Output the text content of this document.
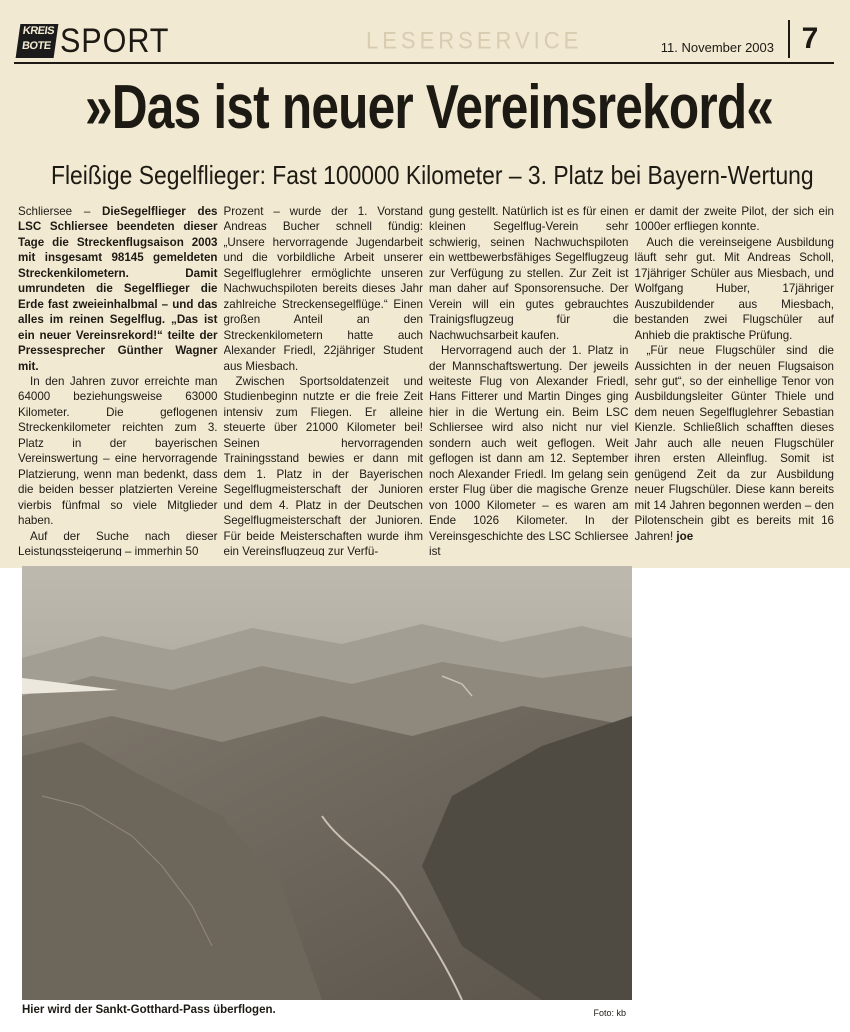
KREIS
BOTE SPORT	LESERSERVICE	11. November 2003 7
»Das ist neuer Vereinsrekord«
Fleißige Segelflieger: Fast 100000 Kilometer – 3. Platz bei Bayern-Wertung

Schliersee – DieSegelflieger des LSC Schliersee beendeten dieser Tage die Streckenflugsaison 2003 mit insgesamt 98145 gemeldeten Streckenkilometern. Damit umrundeten die Segelflieger die Erde fast zweieinhalbmal – und das alles im reinen Segelflug. „Das ist ein neuer Vereinsrekord!“ teilte der Pressesprecher Günther Wagner mit.

In den Jahren zuvor erreichte man 64000 beziehungsweise 63000 Kilometer. Die geflogenen Streckenkilometer reichten zum 3. Platz in der bayerischen Vereinswertung – eine hervorragende Platzierung, wenn man bedenkt, dass die beiden besser platzierten Vereine vierbis fünfmal so viele Mitglieder haben.

Auf der Suche nach dieser Leistungssteigerung – immerhin 50

Prozent – wurde der 1. Vorstand Andreas Bucher schnell fündig: „Unsere hervorragende Jugendarbeit und die vorbildliche Arbeit unserer Segelfluglehrer ermöglichte unseren Nachwuchspiloten bereits dieses Jahr zahlreiche Streckensegelflüge.“ Einen großen Anteil an den Streckenkilometern hatte auch Alexander Friedl, 22jähriger Student aus Miesbach.

Zwischen Sportsoldatenzeit und Studienbeginn nutzte er die freie Zeit intensiv zum Fliegen. Er alleine steuerte über 21000 Kilometer bei! Seinen hervorragenden Trainingsstand bewies er dann mit dem 1. Platz in der Bayerischen Segelflugmeisterschaft der Junioren und dem 4. Platz in der Deutschen Segelflugmeisterschaft der Junioren. Für beide Meisterschaften wurde ihm ein Vereinsflugzeug zur Verfü-

gung gestellt. Natürlich ist es für einen kleinen Segelflug-Verein sehr schwierig, seinen Nachwuchspiloten ein wettbewerbsfähiges Segelflugzeug zur Verfügung zu stellen. Zur Zeit ist man daher auf Sponsorensuche. Der Verein will ein gutes gebrauchtes Trainigsflugzeug für die Nachwuchsarbeit kaufen.

Hervorragend auch der 1. Platz in der Mannschaftswertung. Der jeweils weiteste Flug von Alexander Friedl, Hans Fitterer und Martin Dinges ging hier in die Wertung ein. Beim LSC Schliersee wird also nicht nur viel sondern auch weit geflogen. Weit geflogen ist dann am 12. September noch Alexander Friedl. Im gelang sein erster Flug über die magische Grenze von 1000 Kilometer – es waren am Ende 1026 Kilometer. In der Vereinsgeschichte des LSC Schliersee ist

er damit der zweite Pilot, der sich ein 1000er erfliegen konnte.

Auch die vereinseigene Ausbildung läuft sehr gut. Mit Andreas Scholl, 17jähriger Schüler aus Miesbach, und Wolfgang Huber, 17jähriger Auszubildender aus Miesbach, bestanden zwei Flugschüler auf Anhieb die praktische Prüfung.

„Für neue Flugschüler sind die Aussichten in der neuen Flugsaison sehr gut“, so der einhellige Tenor von Ausbildungsleiter Günter Thiele und dem neuen Segelfluglehrer Sebastian Kienzle. Schließlich schafften dieses Jahr auch alle neuen Flugschüler ihren ersten Alleinflug. Somit ist genügend Zeit da zur Ausbildung neuer Flugschüler. Diese kann bereits mit 14 Jahren begonnen werden – den Pilotenschein gibt es bereits mit 16 Jahren! joe

Hier wird der Sankt-Gotthard-Pass überflogen.	Foto: kb
